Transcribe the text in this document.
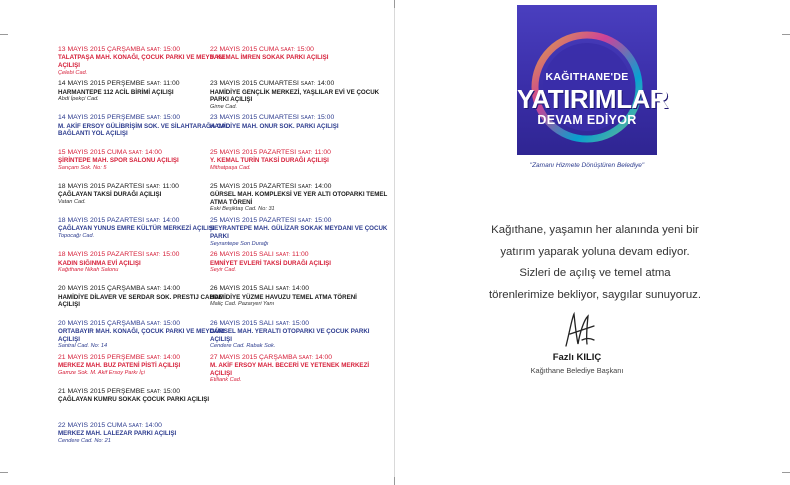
13 MAYIS 2015 ÇARŞAMBA SAAT: 15:00
TALATPAŞA MAH. KONAĞI, ÇOCUK PARKI VE MEYDANI AÇILIŞI
Çelebi Cad.
14 MAYIS 2015 PERŞEMBE SAAT: 11:00
HARMANTEPE 112 ACİL BİRİMİ AÇILIŞI
Abdi İpekçi Cad.
14 MAYIS 2015 PERŞEMBE SAAT: 15:00
M. AKİF ERSOY GÜLİBRİŞİM SOK. VE SİLAHTARAĞA CAD. BAĞLANTI YOL AÇILIŞI
15 MAYIS 2015 CUMA SAAT: 14:00
ŞİRİNTEPE MAH. SPOR SALONU AÇILIŞI
Sarıçam Sok. No: 5
18 MAYIS 2015 PAZARTESİ SAAT: 11:00
ÇAĞLAYAN TAKSİ DURAĞI AÇILIŞI
Vatan Cad.
18 MAYIS 2015 PAZARTESİ SAAT: 14:00
ÇAĞLAYAN YUNUS EMRE KÜLTÜR MERKEZİ AÇILIŞI
Topocağı Cad.
18 MAYIS 2015 PAZARTESİ SAAT: 15:00
KADIN SIĞINMA EVİ AÇILIŞI
Kağıthane Nikah Salonu
20 MAYIS 2015 ÇARŞAMBA SAAT: 14:00
HAMİDİYE DİLAVER VE SERDAR SOK. PRESTIJ CADDE AÇILIŞI
20 MAYIS 2015 ÇARŞAMBA SAAT: 15:00
ORTABAYIR MAH. KONAĞI, ÇOCUK PARKI VE MEYDANI AÇILIŞI
Santral Cad. No: 14
21 MAYIS 2015 PERŞEMBE SAAT: 14:00
MERKEZ MAH. BUZ PATENİ PİSTİ AÇILIŞI
Gamze Sok. M. Akif Ersoy Parkı İçi
21 MAYIS 2015 PERŞEMBE SAAT: 15:00
ÇAĞLAYAN KUMRU SOKAK ÇOCUK PARKI AÇILIŞI
22 MAYIS 2015 CUMA SAAT: 14:00
MERKEZ MAH. LALEZAR PARKI AÇILIŞI
Cendere Cad. No: 21
22 MAYIS 2015 CUMA SAAT: 15:00
Y. KEMAL İMREN SOKAK PARKI AÇILIŞI
23 MAYIS 2015 CUMARTESİ SAAT: 14:00
HAMİDİYE GENÇLİK MERKEZİ, YAŞLILAR EVİ VE ÇOCUK PARKI AÇILIŞI
Girne Cad.
23 MAYIS 2015 CUMARTESİ SAAT: 15:00
HAMİDİYE MAH. ONUR SOK. PARKI AÇILIŞI
25 MAYIS 2015 PAZARTESİ SAAT: 11:00
Y. KEMAL TURİN TAKSİ DURAĞI AÇILIŞI
Mithatpaşa Cad.
25 MAYIS 2015 PAZARTESİ SAAT: 14:00
GÜRSEL MAH. KOMPLEKSİ VE YER ALTI OTOPARKI TEMEL ATMA TÖRENİ
Eski Beşiktaş Cad. No: 31
25 MAYIS 2015 PAZARTESİ SAAT: 15:00
SEYRANTEPE MAH. GÜLİZAR SOKAK MEYDANI VE ÇOCUK PARKI
Seyrantepe Son Durağı
26 MAYIS 2015 SALI SAAT: 11:00
EMNİYET EVLERİ TAKSİ DURAĞI AÇILIŞI
Seyir Cad.
26 MAYIS 2015 SALI SAAT: 14:00
HAMİDİYE YÜZME HAVUZU TEMEL ATMA TÖRENİ
Maliç Cad. Pazaryeri Yanı
26 MAYIS 2015 SALI SAAT: 15:00
GÜRSEL MAH. YERALTI OTOPARKI VE ÇOCUK PARKI AÇILIŞI
Cendere Cad. Rabak Sok.
27 MAYIS 2015 ÇARŞAMBA SAAT: 14:00
M. AKİF ERSOY MAH. BECERİ VE YETENEK MERKEZİ AÇILIŞI
Etiliank Cad.
KAĞITHANE'DE
YATIRIMLAR
DEVAM EDİYOR
"Zamanı Hizmete Dönüştüren Belediye"
Kağıthane, yaşamın her alanında yeni bir
yatırım yaparak yoluna devam ediyor.
Sizleri de açılış ve temel atma
törenlerimize bekliyor, saygılar sunuyoruz.
Fazlı KILIÇ
Kağıthane Belediye Başkanı
